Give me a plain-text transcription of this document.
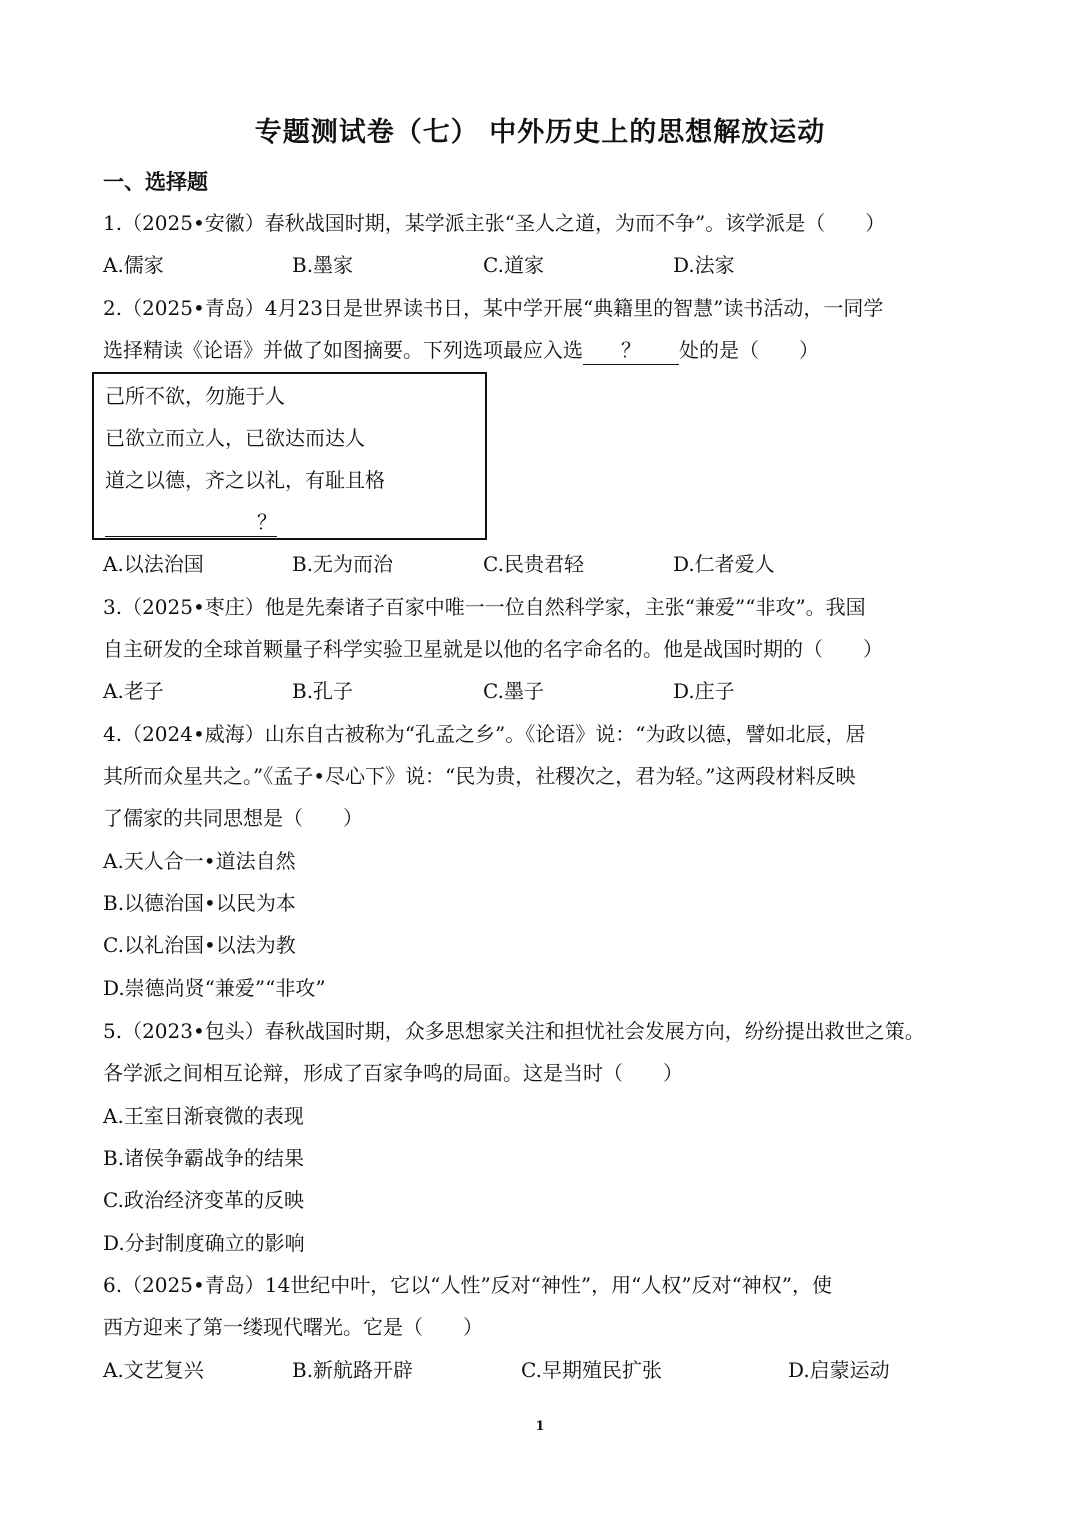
专题测试卷（七） 中外历史上的思想解放运动
一、选择题
1.（2025•安徽）春秋战国时期，某学派主张“圣人之道，为而不争”。该学派是（　　）
A.儒家	B.墨家	C.道家	D.法家
2.（2025•青岛）4月23日是世界读书日，某中学开展“典籍里的智慧”读书活动，一同学
选择精读《论语》并做了如图摘要。下列选项最应入选 ？ 处的是（　　）
己所不欲，勿施于人
已欲立而立人，已欲达而达人
道之以德，齐之以礼，有耻且格
？
A.以法治国	B.无为而治	C.民贵君轻	D.仁者爱人
3.（2025•枣庄）他是先秦诸子百家中唯一一位自然科学家，主张“兼爱”“非攻”。我国
自主研发的全球首颗量子科学实验卫星就是以他的名字命名的。他是战国时期的（　　）
A.老子	B.孔子	C.墨子	D.庄子
4.（2024•威海）山东自古被称为“孔孟之乡”。《论语》说：“为政以德，譬如北辰，居
其所而众星共之。”《孟子•尽心下》说：“民为贵，社稷次之，君为轻。”这两段材料反映
了儒家的共同思想是（　　）
A.天人合一•道法自然
B.以德治国•以民为本
C.以礼治国•以法为教
D.崇德尚贤“兼爱”“非攻”
5.（2023•包头）春秋战国时期，众多思想家关注和担忧社会发展方向，纷纷提出救世之策。
各学派之间相互论辩，形成了百家争鸣的局面。这是当时（　　）
A.王室日渐衰微的表现
B.诸侯争霸战争的结果
C.政治经济变革的反映
D.分封制度确立的影响
6.（2025•青岛）14世纪中叶，它以“人性”反对“神性”，用“人权”反对“神权”，使
西方迎来了第一缕现代曙光。它是（　　）
A.文艺复兴	B.新航路开辟	C.早期殖民扩张	D.启蒙运动
1
